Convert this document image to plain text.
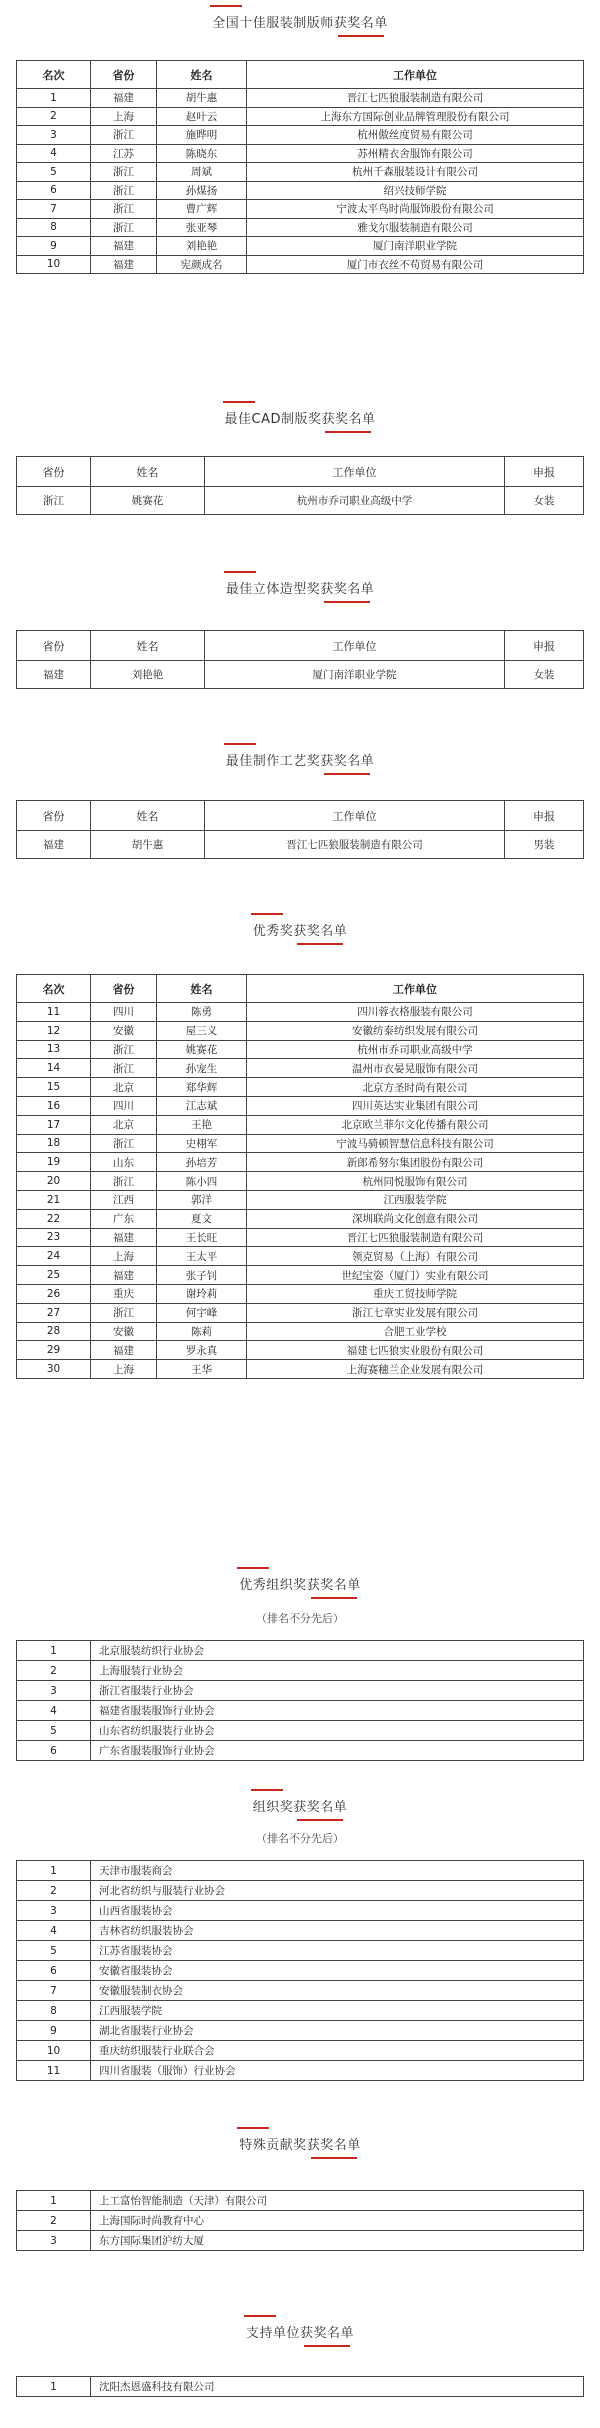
全国十佳服装制版师获奖名单
名次	省份	姓名	工作单位
1	福建	胡牛惠	晋江七匹狼服装制造有限公司
2	上海	赵叶云	上海东方国际创业品牌管理股份有限公司
3	浙江	施晔明	杭州傲丝度贸易有限公司
4	江苏	陈晓东	苏州精衣舍服饰有限公司
5	浙江	周斌	杭州千森服装设计有限公司
6	浙江	孙煤扬	绍兴技师学院
7	浙江	曹广辉	宁波太平鸟时尚服饰股份有限公司
8	浙江	张亚琴	雅戈尔服装制造有限公司
9	福建	刘艳艳	厦门南洋职业学院
10	福建	宪颜成名	厦门市衣丝不苟贸易有限公司
最佳CAD制版奖获奖名单
省份	姓名	工作单位	申报
浙江	姚赛花	杭州市乔司职业高级中学	女装
最佳立体造型奖获奖名单
省份	姓名	工作单位	申报
福建	刘艳艳	厦门南洋职业学院	女装
最佳制作工艺奖获奖名单
省份	姓名	工作单位	申报
福建	胡牛惠	晋江七匹狼服装制造有限公司	男装
优秀奖获奖名单
名次	省份	姓名	工作单位
11	四川	陈勇	四川蓉衣格服装有限公司
12	安徽	屋三义	安徽纺泰纺织发展有限公司
13	浙江	姚赛花	杭州市乔司职业高级中学
14	浙江	孙宠生	温州市衣晏晃服饰有限公司
15	北京	郑华辉	北京方圣时尚有限公司
16	四川	江志斌	四川英达实业集团有限公司
17	北京	王艳	北京欧兰菲尔文化传播有限公司
18	浙江	史栩军	宁波马骑顿智慧信息科技有限公司
19	山东	孙培芳	新郎希努尔集团股份有限公司
20	浙江	陈小四	杭州同悦服饰有限公司
21	江西	郭洋	江西服装学院
22	广东	夏文	深圳联尚文化创意有限公司
23	福建	王长旺	晋江七匹狼服装制造有限公司
24	上海	王太平	领克贸易（上海）有限公司
25	福建	张子钊	世纪宝姿（厦门）实业有限公司
26	重庆	谢玲莉	重庆工贸技师学院
27	浙江	何宇峰	浙江七章实业发展有限公司
28	安徽	陈莉	合肥工业学校
29	福建	罗永真	福建七匹狼实业股份有限公司
30	上海	王华	上海赛穗兰企业发展有限公司
优秀组织奖获奖名单
（排名不分先后）
1	北京服装纺织行业协会
2	上海服装行业协会
3	浙江省服装行业协会
4	福建省服装服饰行业协会
5	山东省纺织服装行业协会
6	广东省服装服饰行业协会
组织奖获奖名单
（排名不分先后）
1	天津市服装商会
2	河北省纺织与服装行业协会
3	山西省服装协会
4	吉林省纺织服装协会
5	江苏省服装协会
6	安徽省服装协会
7	安徽服装制衣协会
8	江西服装学院
9	湖北省服装行业协会
10	重庆纺织服装行业联合会
11	四川省服装（服饰）行业协会
特殊贡献奖获奖名单
1	上工富怡智能制造（天津）有限公司
2	上海国际时尚教育中心
3	东方国际集团沪纺大厦
支持单位获奖名单
1	沈阳杰恩盛科技有限公司
